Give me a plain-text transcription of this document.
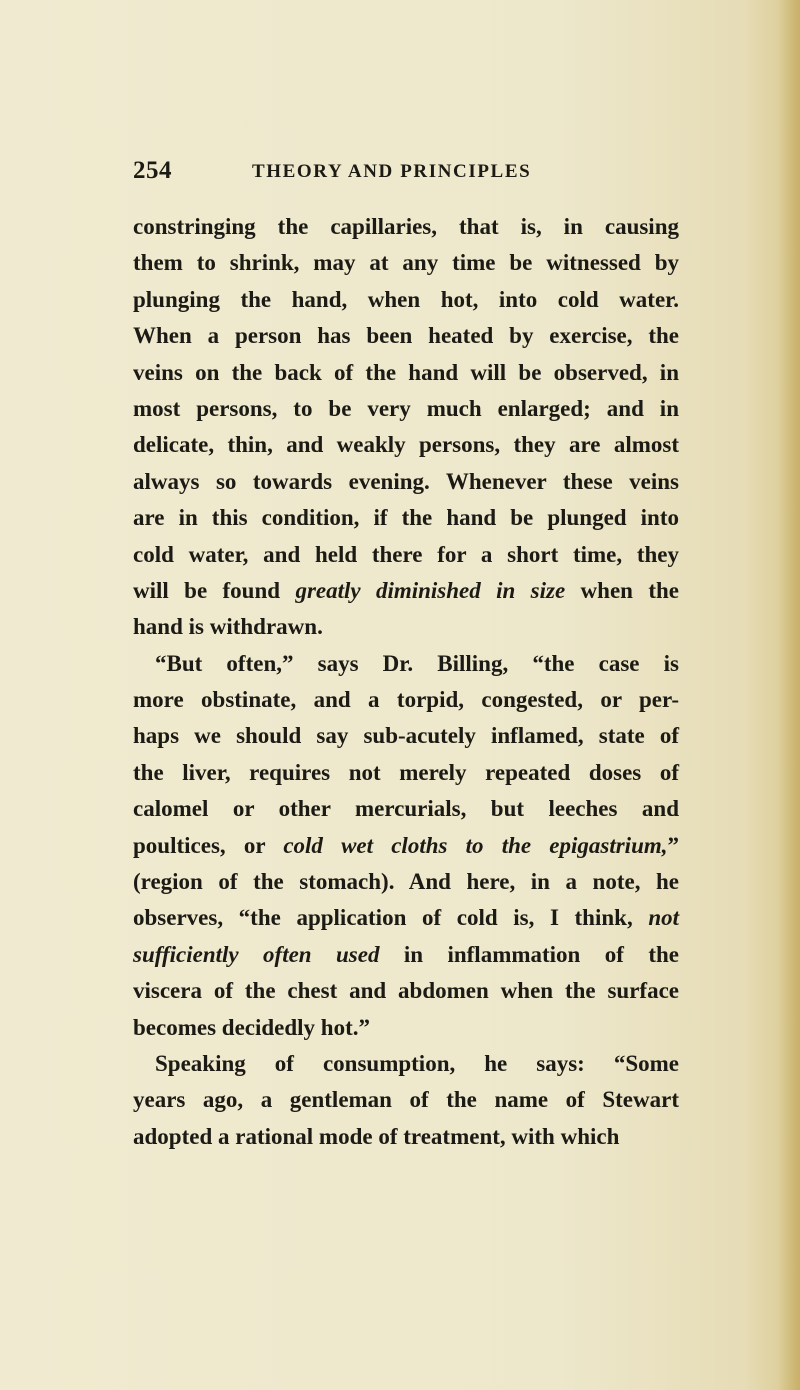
254	THEORY AND PRINCIPLES
constringing the capillaries, that is, in causing
them to shrink, may at any time be witnessed by
plunging the hand, when hot, into cold water.
When a person has been heated by exercise, the
veins on the back of the hand will be observed, in
most persons, to be very much enlarged; and in
delicate, thin, and weakly persons, they are almost
always so towards evening. Whenever these veins
are in this condition, if the hand be plunged into
cold water, and held there for a short time, they
will be found greatly diminished in size when the
hand is withdrawn.
“But often,” says Dr. Billing, “the case is
more obstinate, and a torpid, congested, or per-
haps we should say sub-acutely inflamed, state of
the liver, requires not merely repeated doses of
calomel or other mercurials, but leeches and
poultices, or cold wet cloths to the epigastrium,”
(region of the stomach). And here, in a note, he
observes, “the application of cold is, I think, not
sufficiently often used in inflammation of the
viscera of the chest and abdomen when the surface
becomes decidedly hot.”
Speaking of consumption, he says: “Some
years ago, a gentleman of the name of Stewart
adopted a rational mode of treatment, with which
